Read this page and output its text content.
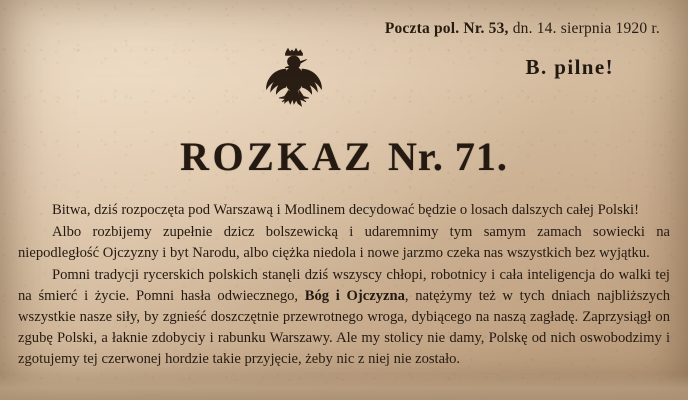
Poczta pol. Nr. 53, dn. 14. sierpnia 1920 r.
B. pilne!
ROZKAZ Nr. 71.

Bitwa, dziś rozpoczęta pod Warszawą i Modlinem decydować będzie o losach dalszych całej Polski!

Albo rozbijemy zupełnie dzicz bolszewicką i udaremnimy tym samym zamach sowiecki na niepodległość Ojczyzny i byt Narodu, albo ciężka niedola i nowe jarzmo czeka nas wszystkich bez wyjątku.

Pomni tradycji rycerskich polskich stanęli dziś wszyscy chłopi, robotnicy i cała inteligencja do walki tej na śmierć i życie. Pomni hasła odwiecznego, Bóg i Ojczyzna, natężymy też w tych dniach najbliższych wszystkie nasze siły, by zgnieść doszczętnie przewrotnego wroga, dybiącego na naszą zagładę. Zaprzysiągł on zgubę Polski, a łaknie zdobyciy i rabunku Warszawy. Ale my stolicy nie damy, Polskę od nich oswobodzimy i zgotujemy tej czerwonej hordzie takie przyjęcie, żeby nic z niej nie zostało.
